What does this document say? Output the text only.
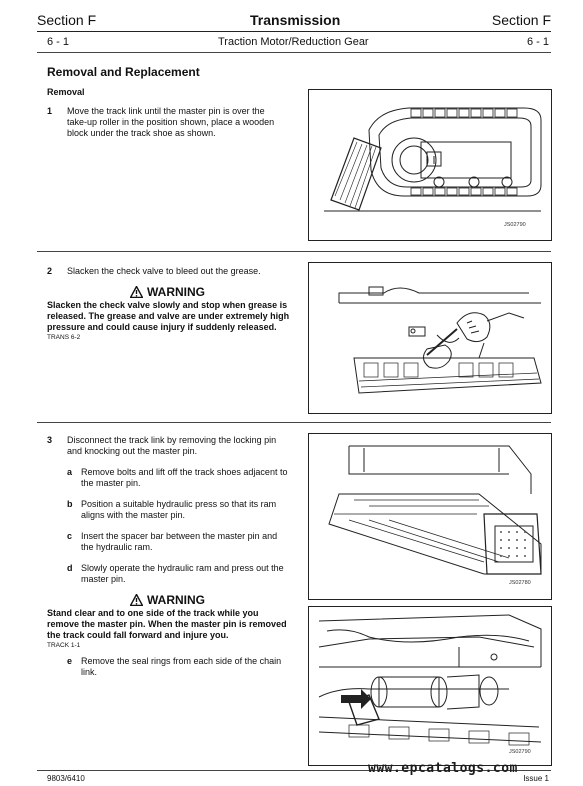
Section F	Transmission	Section F
6 - 1	Traction Motor/Reduction Gear	6 - 1
Removal and Replacement
Removal
1 Move the track link until the master pin is over the
take-up roller in the position shown, place a wooden
block under the track shoe as shown.
JS02790
2 Slacken the check valve to bleed out the grease.
WARNING
Slacken the check valve slowly and stop when grease is
released. The grease and valve are under extremely high
pressure and could cause injury if suddenly released.
TRANS 6-2
3 Disconnect the track link by removing the locking pin
and knocking out the master pin.
a Remove bolts and lift off the track shoes adjacent to
the master pin.
b Position a suitable hydraulic press so that its ram
aligns with the master pin.
c Insert the spacer bar between the master pin and
the hydraulic ram.
d Slowly operate the hydraulic ram and press out the
master pin.
WARNING
Stand clear and to one side of the track while you
remove the master pin. When the master pin is removed
the track could fall forward and injure you.
TRACK 1-1
e Remove the seal rings from each side of the chain
link.
JS02780
JS02790
9803/6410	Issue 1
www.epcatalogs.com
